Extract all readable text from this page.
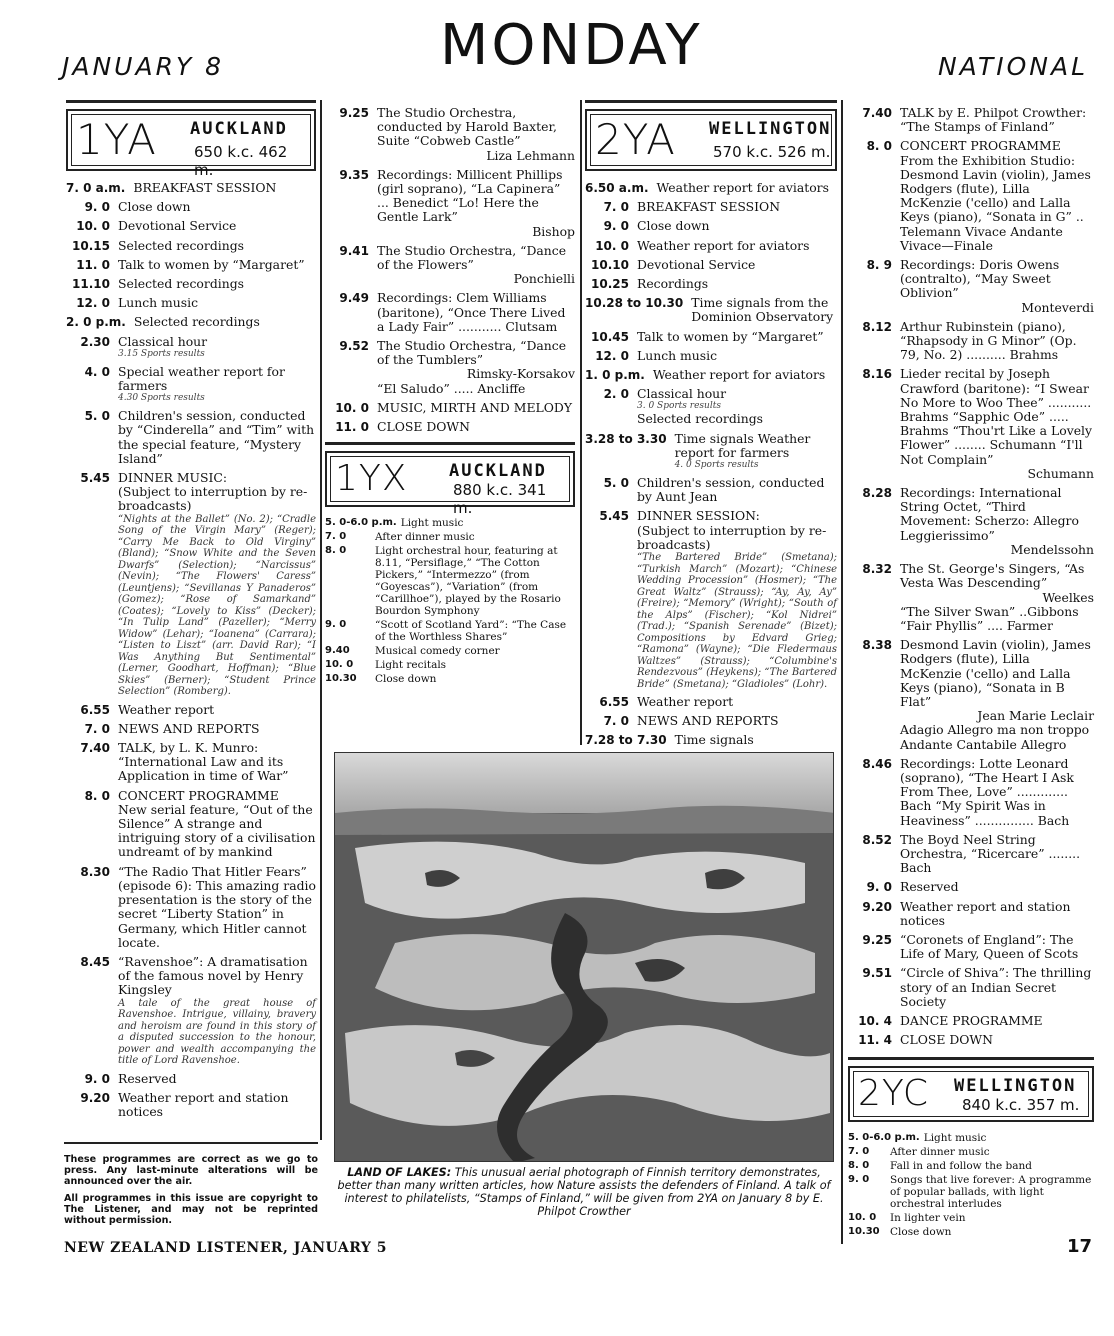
JANUARY 8	MONDAY	NATIONAL
1YA AUCKLAND
650 k.c. 462 m.
7. 0 a.m. BREAKFAST SESSION
9. 0 Close down
10. 0 Devotional Service
10.15 Selected recordings
11. 0 Talk to women by “Margaret”
11.10 Selected recordings
12. 0 Lunch music
2. 0 p.m. Selected recordings
2.30 Classical hour
3.15 Sports results
4. 0 Special weather report for farmers
4.30 Sports results
5. 0 Children's session, conducted by “Cinderella” and “Tim” with the special feature, “Mystery Island”
5.45 DINNER MUSIC:
(Subject to interruption by re-broadcasts)
“Nights at the Ballet” (No. 2); “Cradle Song of the Virgin Mary” (Reger); “Carry Me Back to Old Virginy” (Bland); “Snow White and the Seven Dwarfs” (Selection); “Narcissus” (Nevin); “The Flowers' Caress” (Leuntjens); “Sevillanas Y Panaderos” (Gomez); “Rose of Samarkand” (Coates); “Lovely to Kiss” (Decker); “In Tulip Land” (Pazeller); “Merry Widow” (Lehar); “Ioanena” (Carrara); “Listen to Liszt” (arr. David Rar); “I Was Anything But Sentimental” (Lerner, Goodhart, Hoffman); “Blue Skies” (Berner); “Student Prince Selection” (Romberg).
6.55 Weather report
7. 0 NEWS AND REPORTS
7.40 TALK, by L. K. Munro: “International Law and its Application in time of War”
8. 0 CONCERT PROGRAMME
New serial feature, “Out of the Silence” A strange and intriguing story of a civilisation undreamt of by mankind
8.30 “The Radio That Hitler Fears” (episode 6): This amazing radio presentation is the story of the secret “Liberty Station” in Germany, which Hitler cannot locate.
8.45 “Ravenshoe”: A dramatisation of the famous novel by Henry Kingsley
A tale of the great house of Ravenshoe. Intrigue, villainy, bravery and heroism are found in this story of a disputed succession to the honour, power and wealth accompanying the title of Lord Ravenshoe.
9. 0 Reserved
9.20 Weather report and station notices
9.25 The Studio Orchestra, conducted by Harold Baxter, Suite “Cobweb Castle”
Liza Lehmann
9.35 Recordings: Millicent Phillips (girl soprano), “La Capinera” ... Benedict “Lo! Here the Gentle Lark”
Bishop
9.41 The Studio Orchestra, “Dance of the Flowers”
Ponchielli
9.49 Recordings: Clem Williams (baritone), “Once There Lived a Lady Fair” ........... Clutsam
9.52 The Studio Orchestra, “Dance of the Tumblers”
Rimsky-Korsakov
“El Saludo” ..... Ancliffe
10. 0 MUSIC, MIRTH AND MELODY
11. 0 CLOSE DOWN
1YX AUCKLAND
880 k.c. 341 m.
5. 0-6.0 p.m. Light music
7. 0	After dinner music
8. 0	Light orchestral hour, featuring at 8.11, “Persiflage,” “The Cotton Pickers,” “Intermezzo” (from “Goyescas”), “Variation” (from “Carillhoe”), played by the Rosario Bourdon Symphony
9. 0	“Scott of Scotland Yard”: “The Case of the Worthless Shares”
9.40	Musical comedy corner
10. 0	Light recitals
10.30	Close down
2YA WELLINGTON
570 k.c. 526 m.
6.50 a.m. Weather report for aviators
7. 0 BREAKFAST SESSION
9. 0 Close down
10. 0 Weather report for aviators
10.10 Devotional Service
10.25 Recordings
10.28 to 10.30 Time signals from the Dominion Observatory
10.45 Talk to women by “Margaret”
12. 0 Lunch music
1. 0 p.m. Weather report for aviators
2. 0 Classical hour
3. 0 Sports results
Selected recordings
3.28 to 3.30 Time signals Weather report for farmers
4. 0 Sports results
5. 0 Children's session, conducted by Aunt Jean
5.45 DINNER SESSION:
(Subject to interruption by re-broadcasts)
“The Bartered Bride” (Smetana); “Turkish March” (Mozart); “Chinese Wedding Procession” (Hosmer); “The Great Waltz” (Strauss); “Ay, Ay, Ay” (Freire); “Memory” (Wright); “South of the Alps” (Fischer); “Kol Nidrei” (Trad.); “Spanish Serenade” (Bizet); Compositions by Edvard Grieg; “Ramona” (Wayne); “Die Fledermaus Waltzes” (Strauss); “Columbine's Rendezvous” (Heykens); “The Bartered Bride” (Smetana); “Gladioles” (Lohr).
6.55 Weather report
7. 0 NEWS AND REPORTS
7.28 to 7.30 Time signals
7.40 TALK by E. Philpot Crowther: “The Stamps of Finland”
8. 0 CONCERT PROGRAMME From the Exhibition Studio: Desmond Lavin (violin), James Rodgers (flute), Lilla McKenzie ('cello) and Lalla Keys (piano), “Sonata in G” .. Telemann Vivace Andante Vivace—Finale
8. 9 Recordings: Doris Owens (contralto), “May Sweet Oblivion”
Monteverdi
8.12 Arthur Rubinstein (piano), “Rhapsody in G Minor” (Op. 79, No. 2) .......... Brahms
8.16 Lieder recital by Joseph Crawford (baritone): “I Swear No More to Woo Thee” ........... Brahms “Sapphic Ode” ..... Brahms “Thou'rt Like a Lovely Flower” ........ Schumann “I'll Not Complain”
Schumann
8.28 Recordings: International String Octet, “Third Movement: Scherzo: Allegro Leggierissimo”
Mendelssohn
8.32 The St. George's Singers, “As Vesta Was Descending”
Weelkes
“The Silver Swan” ..Gibbons “Fair Phyllis” .... Farmer
8.38 Desmond Lavin (violin), James Rodgers (flute), Lilla McKenzie ('cello) and Lalla Keys (piano), “Sonata in B Flat”
Jean Marie Leclair
Adagio Allegro ma non troppo Andante Cantabile Allegro
8.46 Recordings: Lotte Leonard (soprano), “The Heart I Ask From Thee, Love” ............. Bach “My Spirit Was in Heaviness” ............... Bach
8.52 The Boyd Neel String Orchestra, “Ricercare” ........ Bach
9. 0 Reserved
9.20 Weather report and station notices
9.25 “Coronets of England”: The Life of Mary, Queen of Scots
9.51 “Circle of Shiva”: The thrilling story of an Indian Secret Society
10. 4 DANCE PROGRAMME
11. 4 CLOSE DOWN
2YC WELLINGTON
840 k.c. 357 m.
5. 0-6.0 p.m. Light music
7. 0	After dinner music
8. 0	Fall in and follow the band
9. 0	Songs that live forever: A programme of popular ballads, with light orchestral interludes
10. 0	In lighter vein
10.30 Close down

These programmes are correct as we go to press. Any last-minute alterations will be announced over the air.

All programmes in this issue are copyright to The Listener, and may not be reprinted without permission.

LAND OF LAKES: This unusual aerial photograph of Finnish territory demonstrates, better than many written articles, how Nature assists the defenders of Finland. A talk of interest to philatelists, “Stamps of Finland,” will be given from 2YA on January 8 by E. Philpot Crowther
NEW ZEALAND LISTENER, JANUARY 5	17
